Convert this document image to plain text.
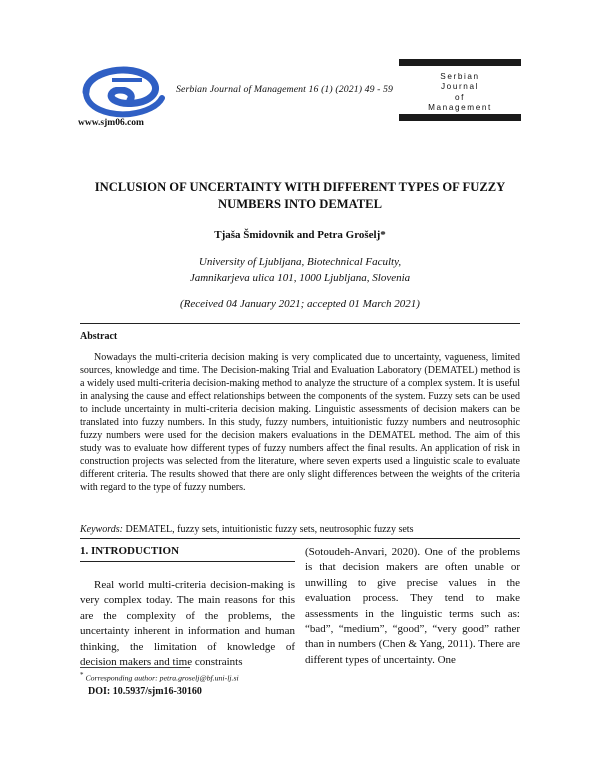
www.sjm06.com
Serbian Journal of Management 16 (1) (2021) 49 - 59
Serbian
Journal
of
Management
INCLUSION OF UNCERTAINTY WITH DIFFERENT TYPES OF FUZZY NUMBERS INTO DEMATEL
Tjaša Šmidovnik and Petra Grošelj*
University of Ljubljana, Biotechnical Faculty,
Jamnikarjeva ulica 101, 1000 Ljubljana, Slovenia
(Received 04 January 2021; accepted 01 March 2021)
Abstract
Nowadays the multi-criteria decision making is very complicated due to uncertainty, vagueness, limited sources, knowledge and time. The Decision-making Trial and Evaluation Laboratory (DEMATEL) method is a widely used multi-criteria decision-making method to analyze the structure of a complex system. It is useful in analysing the cause and effect relationships between the components of the system. Fuzzy sets can be used to include uncertainty in multi-criteria decision making. Linguistic assessments of decision makers can be translated into fuzzy numbers. In this study, fuzzy numbers, intuitionistic fuzzy numbers and neutrosophic fuzzy numbers were used for the decision makers evaluations in the DEMATEL method. The aim of this study was to evaluate how different types of fuzzy numbers affect the final results. An application of risk in construction projects was selected from the literature, where seven experts used a linguistic scale to evaluate different criteria. The results showed that there are only slight differences between the weights of the criteria with regard to the type of fuzzy numbers.
Keywords: DEMATEL, fuzzy sets, intuitionistic fuzzy sets, neutrosophic fuzzy sets
1. INTRODUCTION
Real world multi-criteria decision-making is very complex today. The main reasons for this are the complexity of the problems, the uncertainty inherent in information and human thinking, the limitation of knowledge of decision makers and time constraints
(Sotoudeh-Anvari, 2020). One of the problems is that decision makers are often unable or unwilling to give precise values in the evaluation process. They tend to make assessments in the linguistic terms such as: “bad”, “medium”, “good”, “very good” rather than in numbers (Chen & Yang, 2011). There are different types of uncertainty. One
* Corresponding author: petra.groselj@bf.uni-lj.si
DOI: 10.5937/sjm16-30160
